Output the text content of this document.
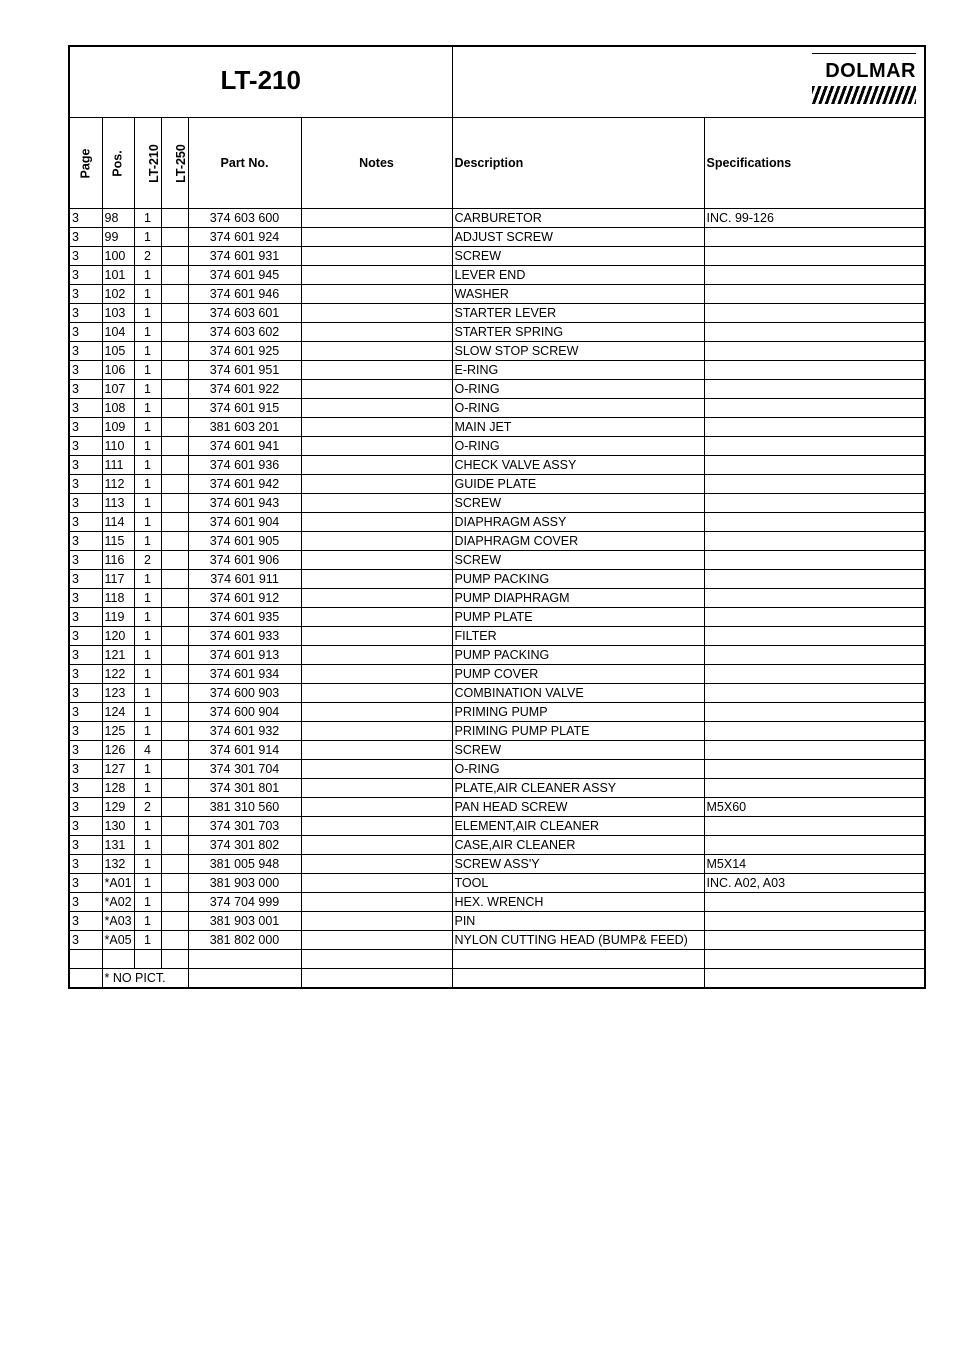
LT-210						DOLMAR	

Page	Pos.	LT-210	LT-250	Part No.	Notes	Description	Specifications
3	98	1		374 603 600		CARBURETOR	INC. 99-126
3	99	1		374 601 924		ADJUST SCREW	
3	100	2		374 601 931		SCREW	
3	101	1		374 601 945		LEVER END	
3	102	1		374 601 946		WASHER	
3	103	1		374 603 601		STARTER LEVER	
3	104	1		374 603 602		STARTER SPRING	
3	105	1		374 601 925		SLOW STOP SCREW	
3	106	1		374 601 951		E-RING	
3	107	1		374 601 922		O-RING	
3	108	1		374 601 915		O-RING	
3	109	1		381 603 201		MAIN JET	
3	110	1		374 601 941		O-RING	
3	111	1		374 601 936		CHECK VALVE ASSY	
3	112	1		374 601 942		GUIDE PLATE	
3	113	1		374 601 943		SCREW	
3	114	1		374 601 904		DIAPHRAGM ASSY	
3	115	1		374 601 905		DIAPHRAGM COVER	
3	116	2		374 601 906		SCREW	
3	117	1		374 601 911		PUMP PACKING	
3	118	1		374 601 912		PUMP DIAPHRAGM	
3	119	1		374 601 935		PUMP PLATE	
3	120	1		374 601 933		FILTER	
3	121	1		374 601 913		PUMP PACKING	
3	122	1		374 601 934		PUMP COVER	
3	123	1		374 600 903		COMBINATION VALVE	
3	124	1		374 600 904		PRIMING PUMP	
3	125	1		374 601 932		PRIMING PUMP PLATE	
3	126	4		374 601 914		SCREW	
3	127	1		374 301 704		O-RING	
3	128	1		374 301 801		PLATE,AIR CLEANER ASSY	
3	129	2		381 310 560		PAN HEAD SCREW	M5X60
3	130	1		374 301 703		ELEMENT,AIR CLEANER	
3	131	1		374 301 802		CASE,AIR CLEANER	
3	132	1		381 005 948		SCREW ASS'Y	M5X14
3	*A01	1		381 903 000		TOOL	INC. A02, A03
3	*A02	1		374 704 999		HEX. WRENCH	
3	*A03	1		381 903 001		PIN	
3	*A05	1		381 802 000		NYLON CUTTING HEAD (BUMP& FEED)	

	* NO PICT.						
